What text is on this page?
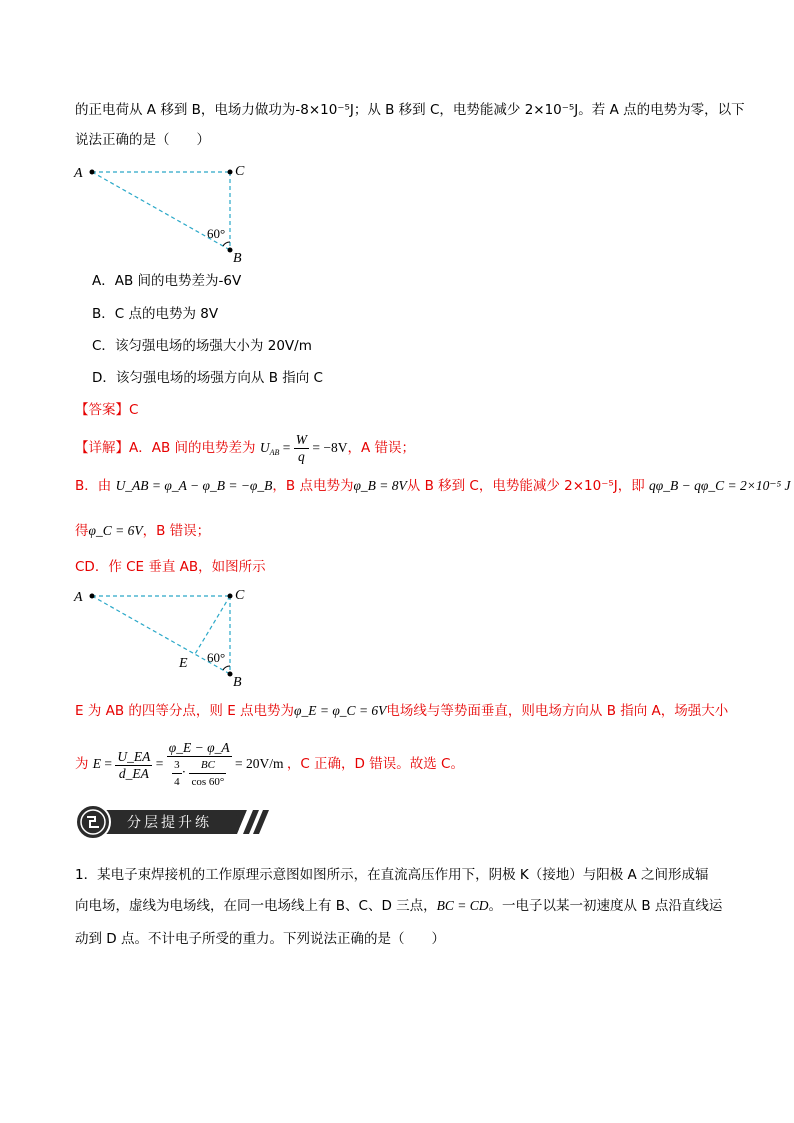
的正电荷从 A 移到 B，电场力做功为-8×10⁻⁵J；从 B 移到 C，电势能减少 2×10⁻⁵J。若 A 点的电势为零，以下
说法正确的是（　　）
A	C
B
60°
A．AB 间的电势差为-6V
B．C 点的电势为 8V
C．该匀强电场的场强大小为 20V/m
D．该匀强电场的场强方向从 B 指向 C
【答案】C
【详解】A．AB 间的电势差为 $U_{AB} = \frac{W}{q} = -8V$，A 错误；
B．由 U_AB = φ_A − φ_B = −φ_B，B 点电势为φ_B = 8V从 B 移到 C，电势能减少 2×10⁻⁵J，即 qφ_B − qφ_C = 2×10⁻⁵ J
得φ_C = 6V，B 错误；
CD．作 CE 垂直 AB，如图所示
A	C
B
E 60°
E 为 AB 的四等分点，则 E 点电势为φ_E = φ_C = 6V电场线与等势面垂直，则电场方向从 B 指向 A，场强大小
为 $E = \frac{U\_EA}{d\_EA} = \frac{\varphi\_E - \varphi\_A}{\frac{3}{4} \cdot \frac{BC}{\cos 60^\circ}} = 20V/m$ ，C 正确，D 错误。故选 C。
分层提升练
1．某电子束焊接机的工作原理示意图如图所示，在直流高压作用下，阴极 K（接地）与阳极 A 之间形成辐
向电场，虚线为电场线，在同一电场线上有 B、C、D 三点，BC = CD。一电子以某一初速度从 B 点沿直线运
动到 D 点。不计电子所受的重力。下列说法正确的是（　　）
